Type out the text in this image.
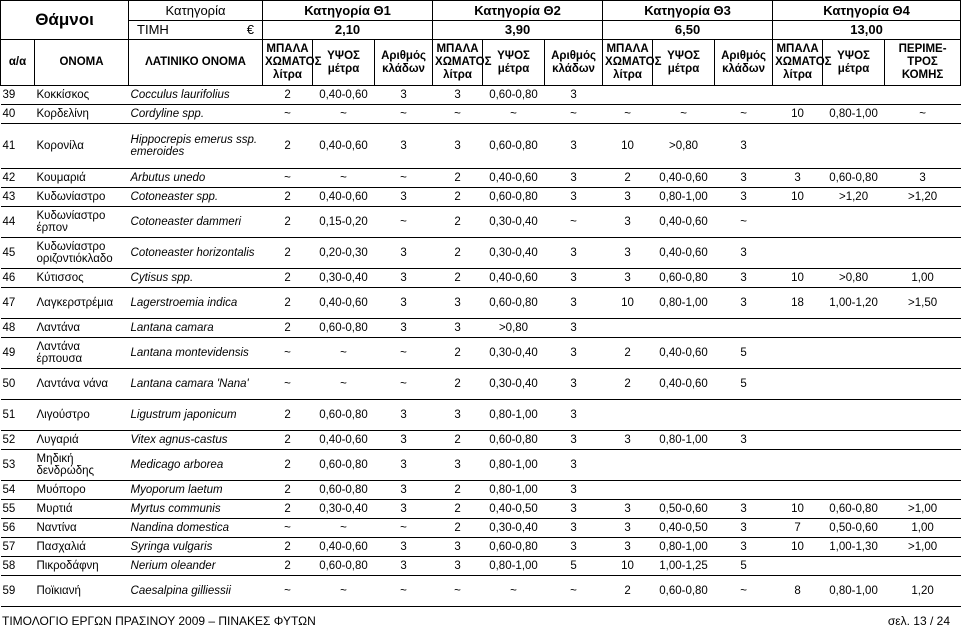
Θάμνοι		Κατηγορία	Κατηγορία Θ1			Κατηγορία Θ2			Κατηγορία Θ3			Κατηγορία Θ4		
		ΤΙΜΗ €	2,10			3,90			6,50			13,00		
α/α	ΟΝΟΜΑ	ΛΑΤΙΝΙΚΟ ΟΝΟΜΑ	ΜΠΑΛΑ ΧΩΜΑΤΟΣ λίτρα	ΥΨΟΣ μέτρα	Αριθμός κλάδων	ΜΠΑΛΑ ΧΩΜΑΤΟΣ λίτρα	ΥΨΟΣ μέτρα	Αριθμός κλάδων	ΜΠΑΛΑ ΧΩΜΑΤΟΣ λίτρα	ΥΨΟΣ μέτρα	Αριθμός κλάδων	ΜΠΑΛΑ ΧΩΜΑΤΟΣ λίτρα	ΥΨΟΣ μέτρα	ΠΕΡΙΜΕ-ΤΡΟΣ ΚΟΜΗΣ
39	Κοκκίσκος	Cocculus laurifolius	2	0,40-0,60	3	3	0,60-0,80	3						
40	Κορδελίνη	Cordyline spp.	~	~	~	~	~	~	~	~	~	10	0,80-1,00	~
41	Κορονίλα	Hippocrepis emerus ssp. emeroides	2	0,40-0,60	3	3	0,60-0,80	3	10	>0,80	3			
42	Κουμαριά	Arbutus unedo	~	~	~	2	0,40-0,60	3	2	0,40-0,60	3	3	0,60-0,80	3
43	Κυδωνίαστρο	Cotoneaster spp.	2	0,40-0,60	3	2	0,60-0,80	3	3	0,80-1,00	3	10	>1,20	>1,20
44	Κυδωνίαστρο έρπον	Cotoneaster dammeri	2	0,15-0,20	~	2	0,30-0,40	~	3	0,40-0,60	~			
45	Κυδωνίαστρο οριζοντιόκλαδο	Cotoneaster horizontalis	2	0,20-0,30	3	2	0,30-0,40	3	3	0,40-0,60	3			
46	Κύτισσος	Cytisus spp.	2	0,30-0,40	3	2	0,40-0,60	3	3	0,60-0,80	3	10	>0,80	1,00
47	Λαγκερστρέμια	Lagerstroemia indica	2	0,40-0,60	3	3	0,60-0,80	3	10	0,80-1,00	3	18	1,00-1,20	>1,50
48	Λαντάνα	Lantana camara	2	0,60-0,80	3	3	>0,80	3						
49	Λαντάνα έρπουσα	Lantana montevidensis	~	~	~	2	0,30-0,40	3	2	0,40-0,60	5			
50	Λαντάνα νάνα	Lantana camara 'Nana'	~	~	~	2	0,30-0,40	3	2	0,40-0,60	5			
51	Λιγούστρο	Ligustrum japonicum	2	0,60-0,80	3	3	0,80-1,00	3						
52	Λυγαριά	Vitex agnus-castus	2	0,40-0,60	3	2	0,60-0,80	3	3	0,80-1,00	3			
53	Μηδική δενδρώδης	Medicago arborea	2	0,60-0,80	3	3	0,80-1,00	3						
54	Μυόπορο	Myoporum laetum	2	0,60-0,80	3	2	0,80-1,00	3						
55	Μυρτιά	Myrtus communis	2	0,30-0,40	3	2	0,40-0,50	3	3	0,50-0,60	3	10	0,60-0,80	>1,00
56	Ναντίνα	Nandina domestica	~	~	~	2	0,30-0,40	3	3	0,40-0,50	3	7	0,50-0,60	1,00
57	Πασχαλιά	Syringa vulgaris	2	0,40-0,60	3	3	0,60-0,80	3	3	0,80-1,00	3	10	1,00-1,30	>1,00
58	Πικροδάφνη	Nerium oleander	2	0,60-0,80	3	3	0,80-1,00	5	10	1,00-1,25	5			
59	Ποϊκιανή	Caesalpina gilliessii	~	~	~	~	~	~	2	0,60-0,80	~	8	0,80-1,00	1,20
ΤΙΜΟΛΟΓΙΟ ΕΡΓΩΝ ΠΡΑΣΙΝΟΥ 2009 – ΠΙΝΑΚΕΣ ΦΥΤΩΝ	σελ. 13 / 24
